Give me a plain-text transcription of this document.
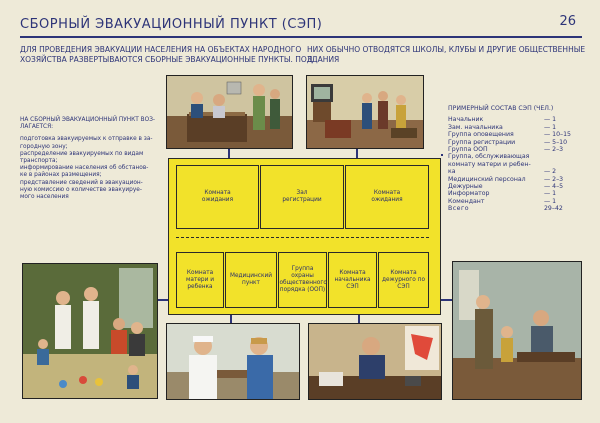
СБОРНЫЙ ЭВАКУАЦИОННЫЙ ПУНКТ (СЭП)	26
ДЛЯ ПРОВЕДЕНИЯ ЭВАКУАЦИИ НАСЕЛЕНИЯ НА ОБЪЕКТАХ НАРОДНОГО
ХОЗЯЙСТВА РАЗВЕРТЫВАЮТСЯ СБОРНЫЕ ЭВАКУАЦИОННЫЕ ПУНКТЫ. ПОД
НИХ ОБЫЧНО ОТВОДЯТСЯ ШКОЛЫ, КЛУБЫ И ДРУГИЕ ОБЩЕСТВЕННЫЕ
ЗДАНИЯ
НА СБОРНЫЙ ЭВАКУАЦИОННЫЙ ПУНКТ ВОЗ-
ЛАГАЕТСЯ:
подготовка эвакуируемых к отправке в за-
городную зону;
распределение эвакуируемых по видам
транспорта;
информирование населения об обстанов-
ке в районах размещения;
представление сведений в эвакуацион-
ную комиссию о количестве эвакуируе-
мого населения
Комната ожидания
Зал регистрации
Комната ожидания
Комната матери и ребенка
Медицинский пункт
Группа охраны общественного порядка (ООП)
Комната начальника СЭП
Комната дежурного по СЭП
ПРИМЕРНЫЙ СОСТАВ СЭП (ЧЕЛ.)
Начальник	— 1
Зам. начальника	— 1
Группа оповещения	— 10–15
Группа регистрации	— 5–10
Группа ООП	— 2–3
Группа, обслуживающая
комнату матери и ребен-
ка	— 2
Медицинский персонал	— 2–3
Дежурные	— 4–5
Информатор	— 1
Комендант	— 1
Всего	29–42
